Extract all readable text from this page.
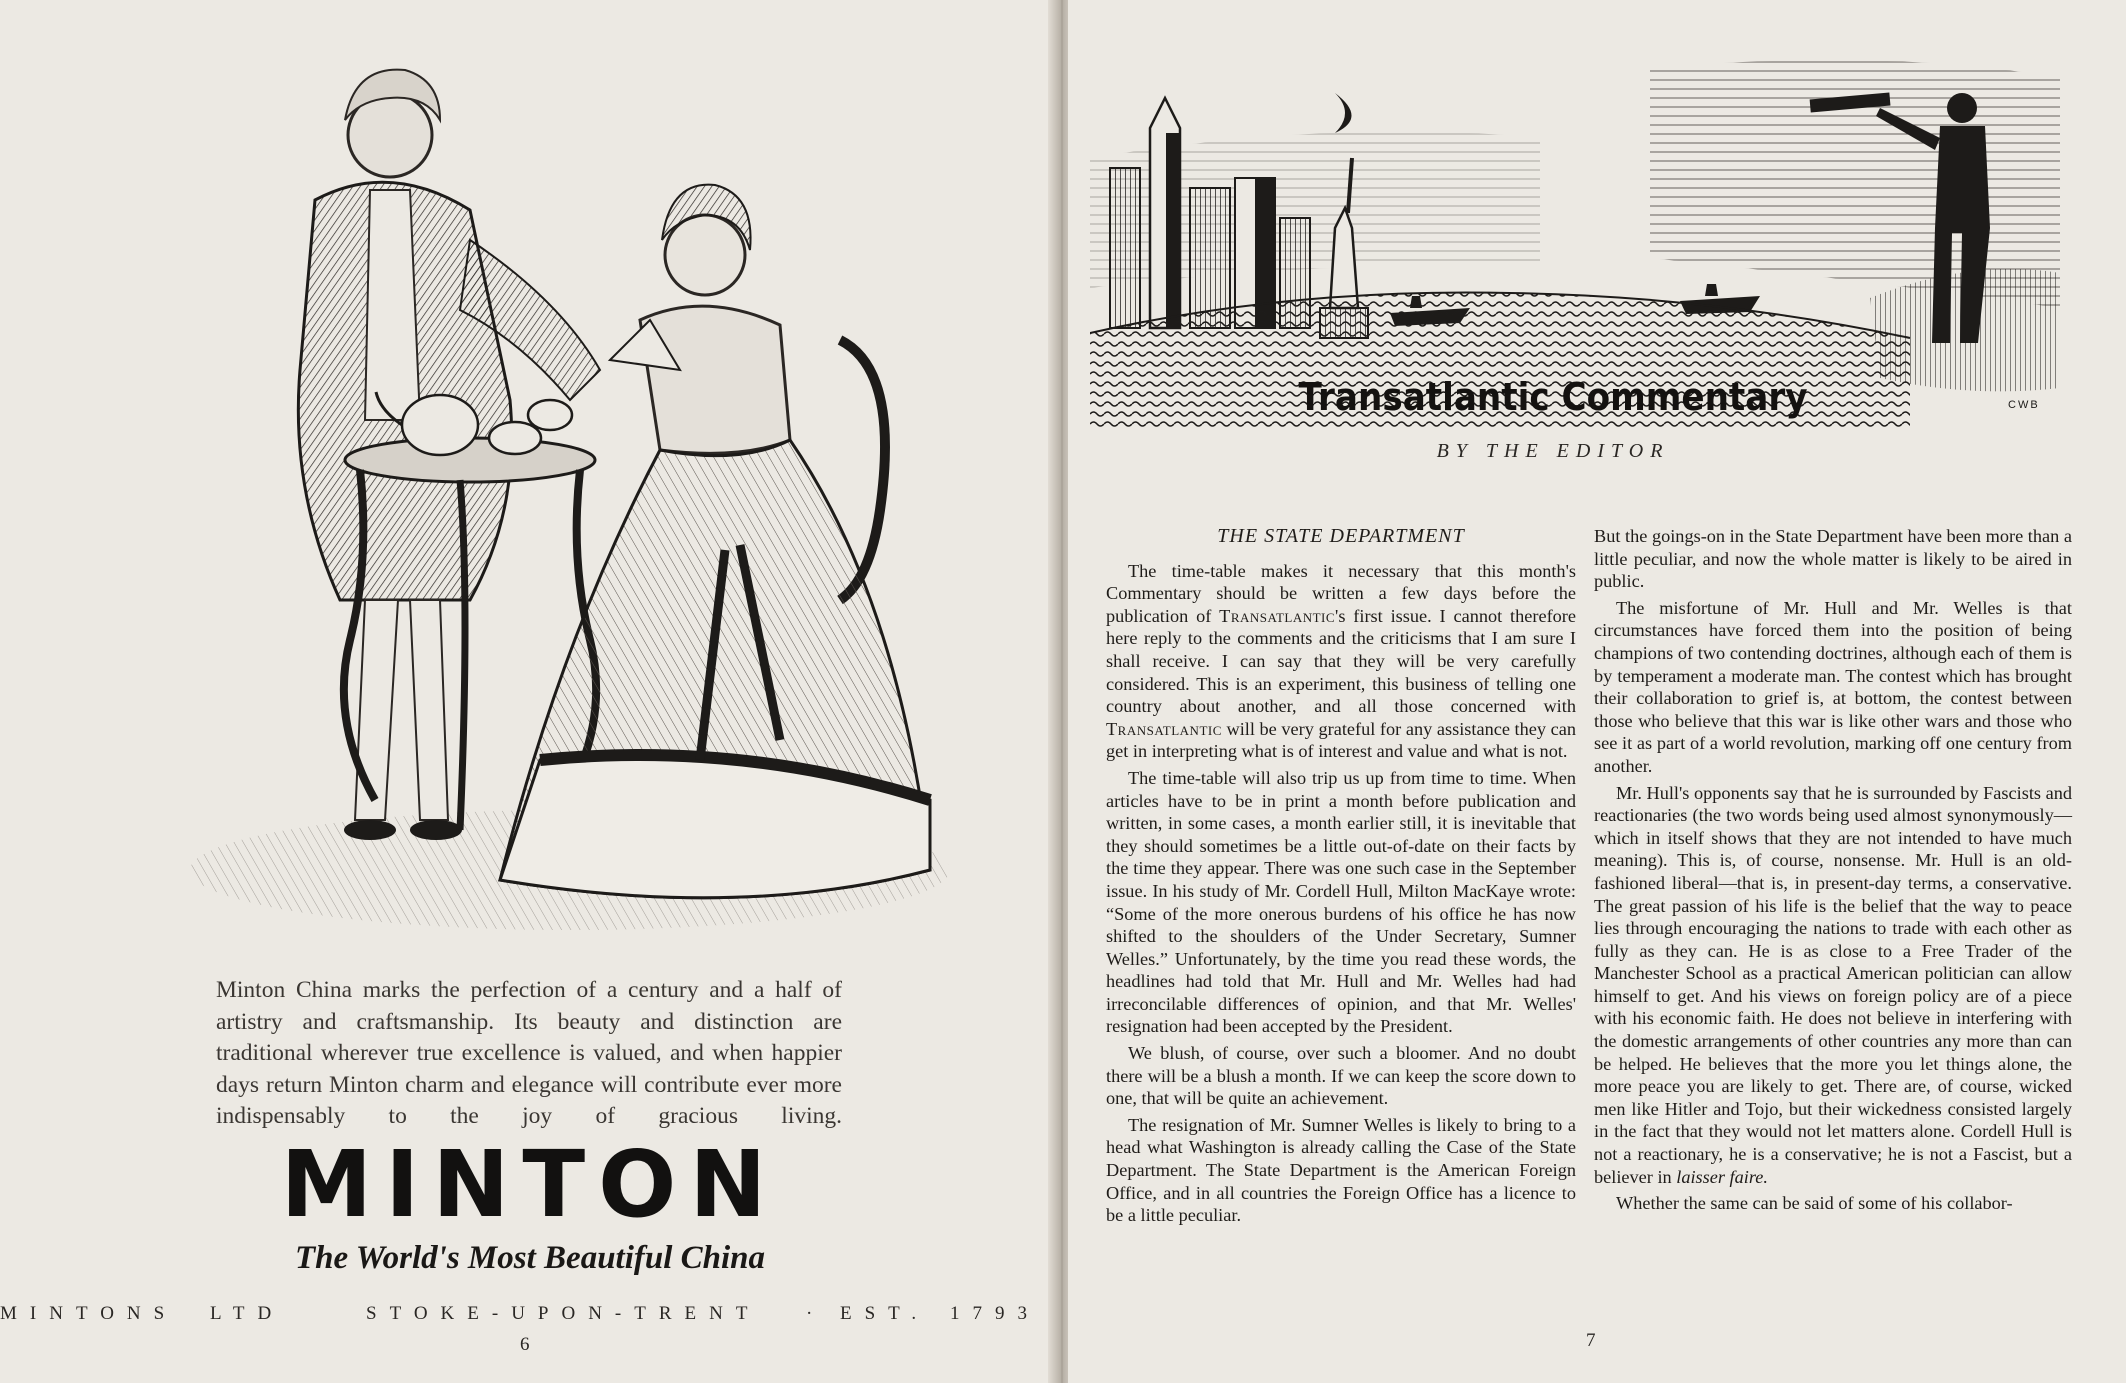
Minton China marks the perfection of a century and a half of artistry and craftsmanship. Its beauty and distinction are traditional wherever true excellence is valued, and when happier days return Minton charm and elegance will contribute ever more indispensably to the joy of gracious living.

MINTON

The World's Most Beautiful China

MINTONS LTD	STOKE-UPON-TRENT · EST. 1793
6
CWB
Transatlantic Commentary

BY THE EDITOR

THE STATE DEPARTMENT

The time-table makes it necessary that this month's Commentary should be written a few days before the publication of Transatlantic's first issue. I cannot therefore here reply to the comments and the criticisms that I am sure I shall receive. I can say that they will be very carefully considered. This is an experiment, this business of telling one country about another, and all those concerned with Transatlantic will be very grateful for any assistance they can get in interpreting what is of interest and value and what is not.

The time-table will also trip us up from time to time. When articles have to be in print a month before publication and written, in some cases, a month earlier still, it is inevitable that they should sometimes be a little out-of-date on their facts by the time they appear. There was one such case in the September issue. In his study of Mr. Cordell Hull, Milton MacKaye wrote: “Some of the more onerous burdens of his office he has now shifted to the shoulders of the Under Secretary, Sumner Welles.” Unfortunately, by the time you read these words, the headlines had told that Mr. Hull and Mr. Welles had had irreconcilable differences of opinion, and that Mr. Welles' resignation had been accepted by the President.

We blush, of course, over such a bloomer. And no doubt there will be a blush a month. If we can keep the score down to one, that will be quite an achievement.

The resignation of Mr. Sumner Welles is likely to bring to a head what Washington is already calling the Case of the State Department. The State Department is the American Foreign Office, and in all countries the Foreign Office has a licence to be a little peculiar.

But the goings-on in the State Department have been more than a little peculiar, and now the whole matter is likely to be aired in public.

The misfortune of Mr. Hull and Mr. Welles is that circumstances have forced them into the position of being champions of two contending doctrines, although each of them is by temperament a moderate man. The contest which has brought their collaboration to grief is, at bottom, the contest between those who believe that this war is like other wars and those who see it as part of a world revolution, marking off one century from another.

Mr. Hull's opponents say that he is surrounded by Fascists and reactionaries (the two words being used almost synonymously—which in itself shows that they are not intended to have much meaning). This is, of course, nonsense. Mr. Hull is an old-fashioned liberal—that is, in present-day terms, a conservative. The great passion of his life is the belief that the way to peace lies through encouraging the nations to trade with each other as fully as they can. He is as close to a Free Trader of the Manchester School as a practical American politician can allow himself to get. And his views on foreign policy are of a piece with his economic faith. He does not believe in interfering with the domestic arrangements of other countries any more than can be helped. He believes that the more you let things alone, the more peace you are likely to get. There are, of course, wicked men like Hitler and Tojo, but their wickedness consisted largely in the fact that they would not let matters alone. Cordell Hull is not a reactionary, he is a conservative; he is not a Fascist, but a believer in laisser faire.

Whether the same can be said of some of his collabor-

7
